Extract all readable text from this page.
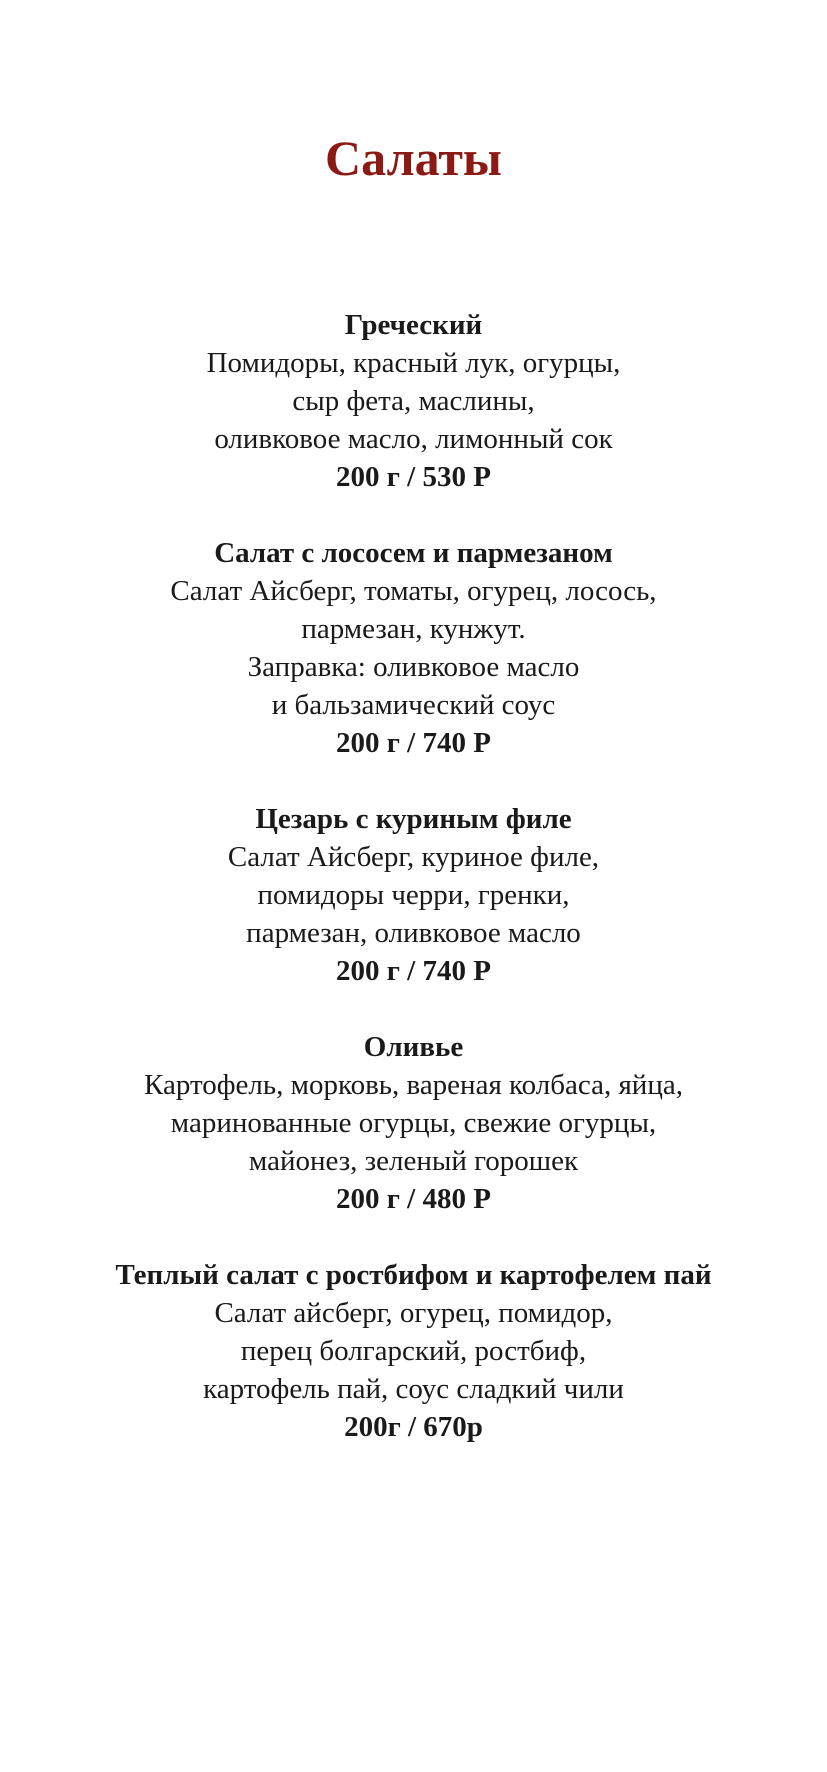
Салаты

Греческий

Помидоры, красный лук, огурцы,

сыр фета, маслины,

оливковое масло, лимонный сок

200 г / 530 Р

Салат с лососем и пармезаном

Салат Айсберг, томаты, огурец, лосось,

пармезан, кунжут.

Заправка: оливковое масло

и бальзамический соус

200 г / 740 Р

Цезарь с куриным филе

Салат Айсберг, куриное филе,

помидоры черри, гренки,

пармезан, оливковое масло

200 г / 740 Р

Оливье

Картофель, морковь, вареная колбаса, яйца,

маринованные огурцы, свежие огурцы,

майонез, зеленый горошек

200 г / 480 Р

Теплый салат с ростбифом и картофелем пай

Салат айсберг, огурец, помидор,

перец болгарский, ростбиф,

картофель пай, соус сладкий чили

200г / 670р
